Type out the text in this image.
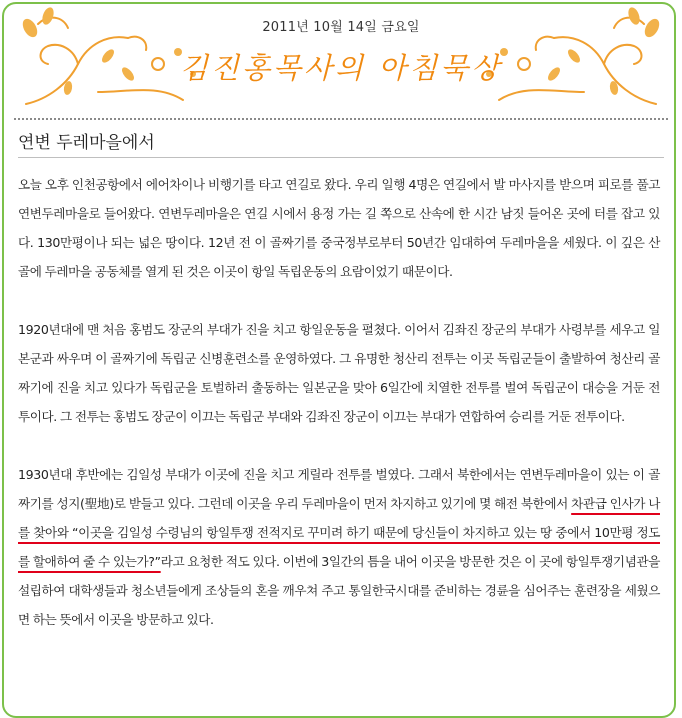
2011년 10월 14일 금요일
김진홍목사의 아침묵상
연변 두레마을에서

오늘 오후 인천공항에서 에어차이나 비행기를 타고 연길로 왔다. 우리 일행 4명은 연길에서 발 마사지를 받으며 피로를 풀고 연변두레마을로 들어왔다. 연변두레마을은 연길 시에서 용정 가는 길 쪽으로 산속에 한 시간 남짓 들어온 곳에 터를 잡고 있다. 130만평이나 되는 넓은 땅이다. 12년 전 이 골짜기를 중국정부로부터 50년간 임대하여 두레마을을 세웠다. 이 깊은 산골에 두레마을 공동체를 열게 된 것은 이곳이 항일 독립운동의 요람이었기 때문이다.

1920년대에 맨 처음 홍범도 장군의 부대가 진을 치고 항일운동을 펼쳤다. 이어서 김좌진 장군의 부대가 사령부를 세우고 일본군과 싸우며 이 골짜기에 독립군 신병훈련소를 운영하였다. 그 유명한 청산리 전투는 이곳 독립군들이 출발하여 청산리 골짜기에 진을 치고 있다가 독립군을 토벌하러 출동하는 일본군을 맞아 6일간에 치열한 전투를 벌여 독립군이 대승을 거둔 전투이다. 그 전투는 홍범도 장군이 이끄는 독립군 부대와 김좌진 장군이 이끄는 부대가 연합하여 승리를 거둔 전투이다.

1930년대 후반에는 김일성 부대가 이곳에 진을 치고 게릴라 전투를 벌였다. 그래서 북한에서는 연변두레마을이 있는 이 골짜기를 성지(聖地)로 받들고 있다. 그런데 이곳을 우리 두레마을이 먼저 차지하고 있기에 몇 해전 북한에서 차관급 인사가 나를 찾아와 “이곳을 김일성 수령님의 항일투쟁 전적지로 꾸미려 하기 때문에 당신들이 차지하고 있는 땅 중에서 10만평 정도를 할애하여 줄 수 있는가?”라고 요청한 적도 있다. 이번에 3일간의 틈을 내어 이곳을 방문한 것은 이 곳에 항일투쟁기념관을 설립하여 대학생들과 청소년들에게 조상들의 혼을 깨우쳐 주고 통일한국시대를 준비하는 경륜을 심어주는 훈련장을 세웠으면 하는 뜻에서 이곳을 방문하고 있다.
